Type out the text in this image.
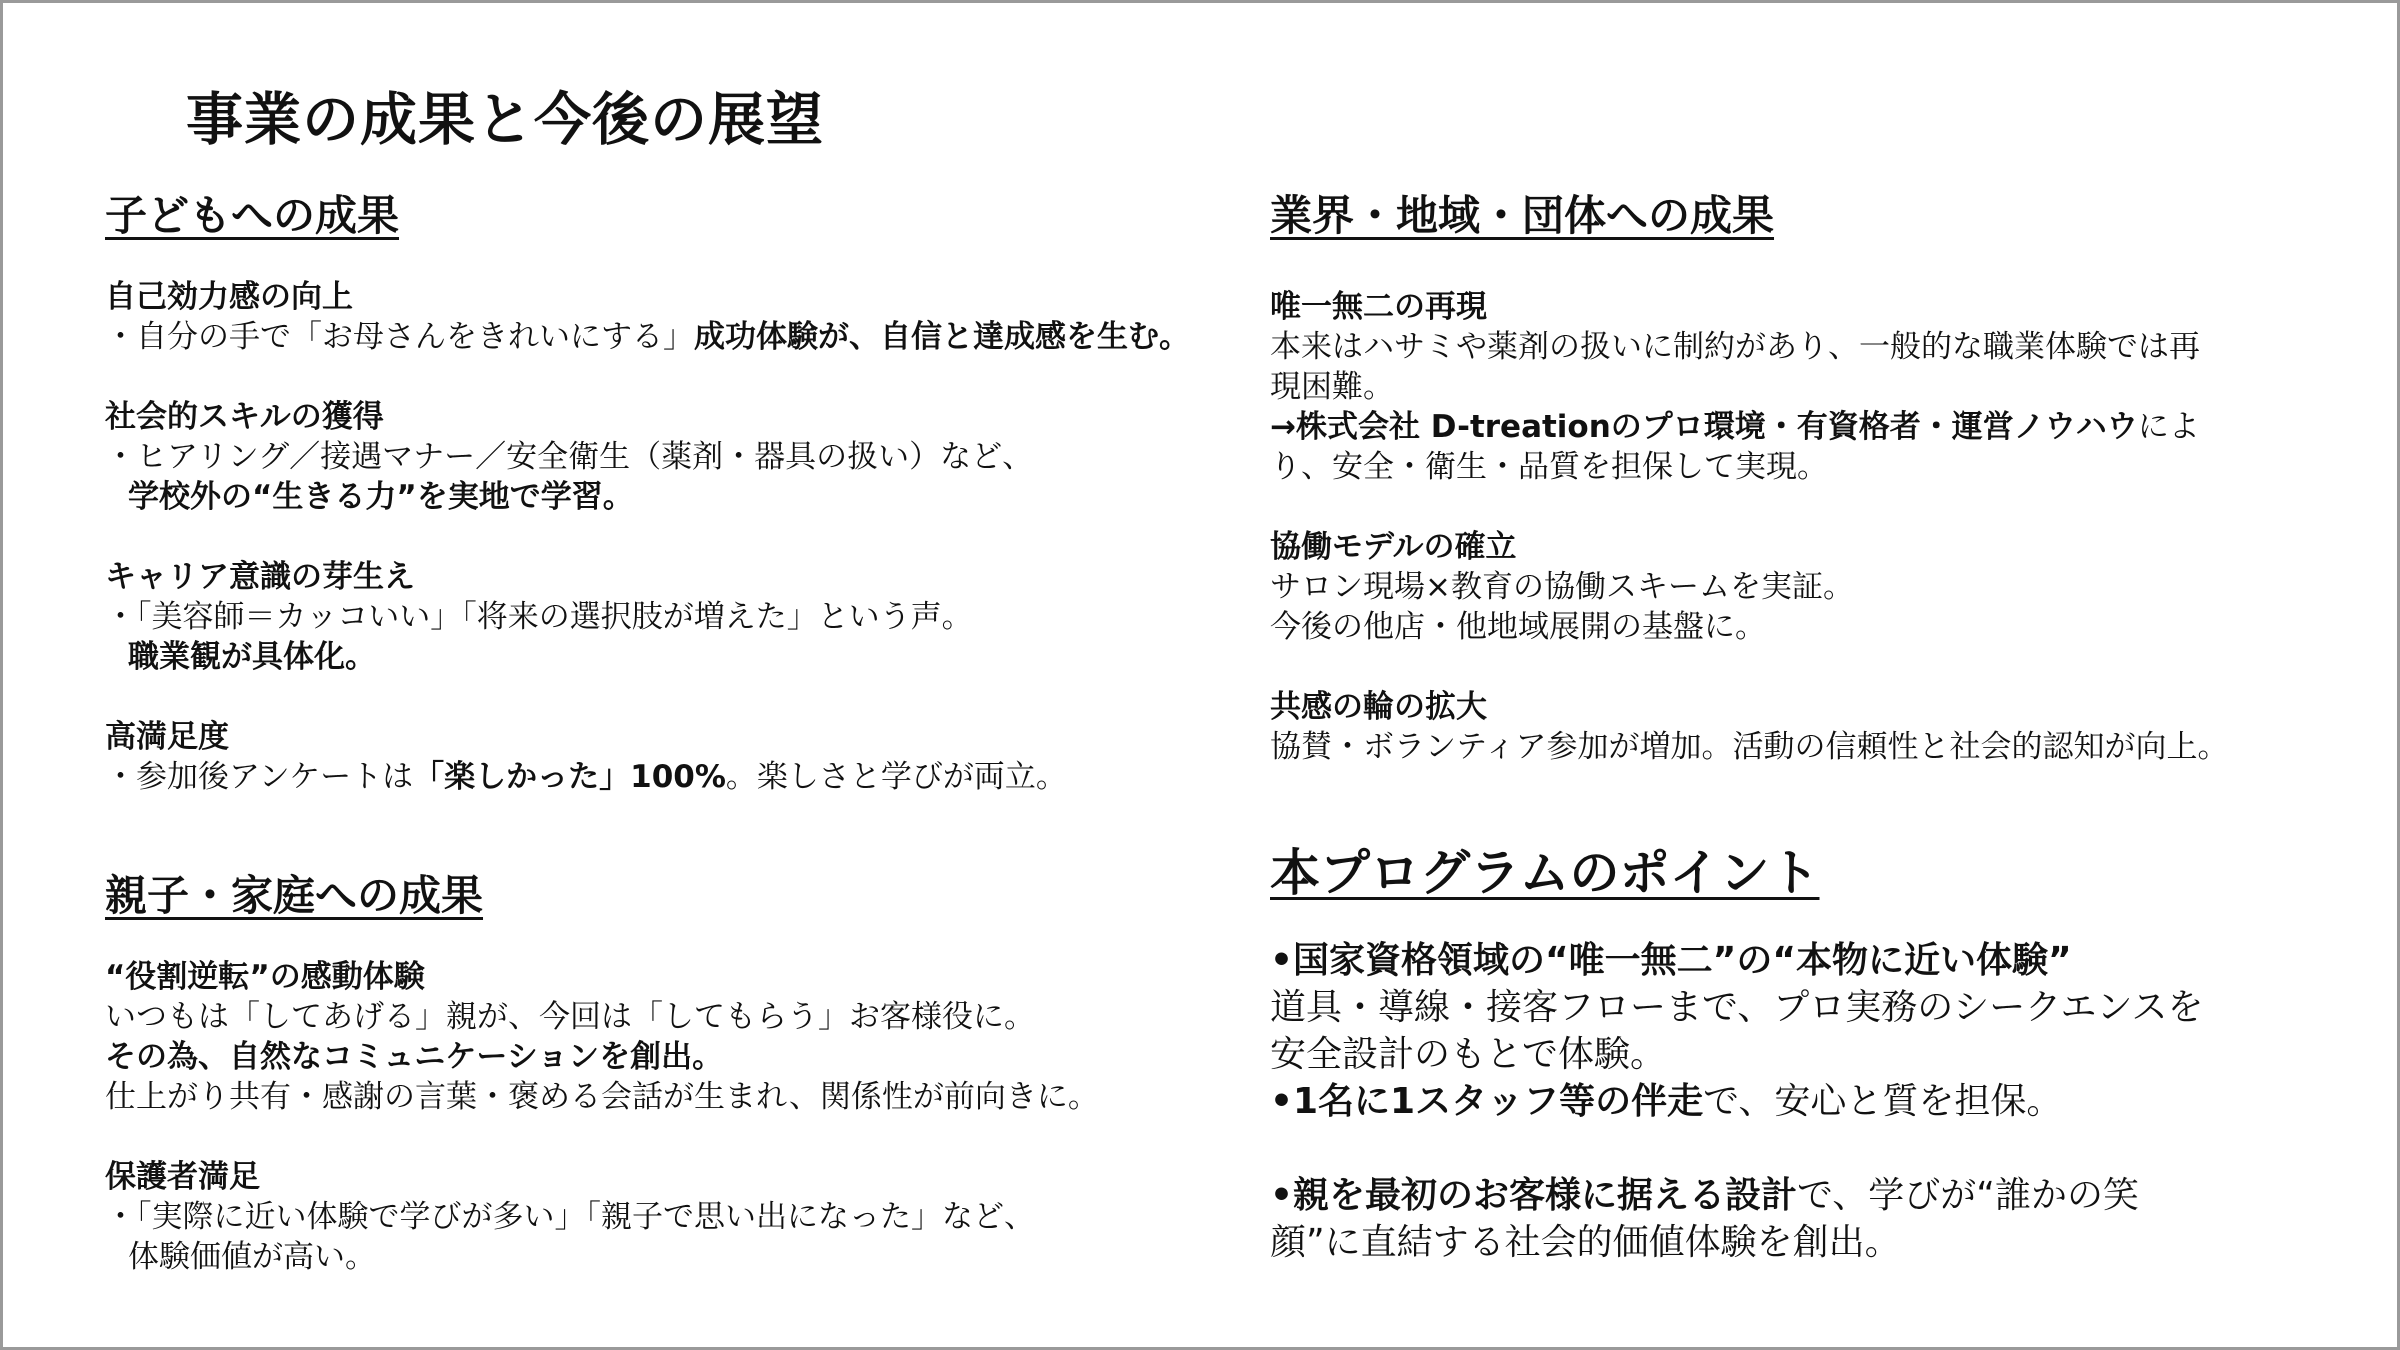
事業の成果と今後の展望
子どもへの成果
自己効力感の向上
・自分の手で「お母さんをきれいにする」成功体験が、自信と達成感を生む。
社会的スキルの獲得
・ヒアリング／接遇マナー／安全衛生（薬剤・器具の扱い）など、
学校外の“生きる力”を実地で学習。
キャリア意識の芽生え
・「美容師＝カッコいい」「将来の選択肢が増えた」という声。
職業観が具体化。
高満足度
・参加後アンケートは「楽しかった」100%。楽しさと学びが両立。
親子・家庭への成果
“役割逆転”の感動体験
いつもは「してあげる」親が、今回は「してもらう」お客様役に。
その為、自然なコミュニケーションを創出。
仕上がり共有・感謝の言葉・褒める会話が生まれ、関係性が前向きに。
保護者満足
・「実際に近い体験で学びが多い」「親子で思い出になった」など、
体験価値が高い。
業界・地域・団体への成果
唯一無二の再現
本来はハサミや薬剤の扱いに制約があり、一般的な職業体験では再
現困難。
→株式会社 D-treationのプロ環境・有資格者・運営ノウハウによ
り、安全・衛生・品質を担保して実現。
協働モデルの確立
サロン現場×教育の協働スキームを実証。
今後の他店・他地域展開の基盤に。
共感の輪の拡大
協賛・ボランティア参加が増加。活動の信頼性と社会的認知が向上。
本プログラムのポイント
•国家資格領域の“唯一無二”の“本物に近い体験”
道具・導線・接客フローまで、プロ実務のシークエンスを
安全設計のもとで体験。
•1名に1スタッフ等の伴走で、安心と質を担保。
•親を最初のお客様に据える設計で、学びが“誰かの笑
顔”に直結する社会的価値体験を創出。
